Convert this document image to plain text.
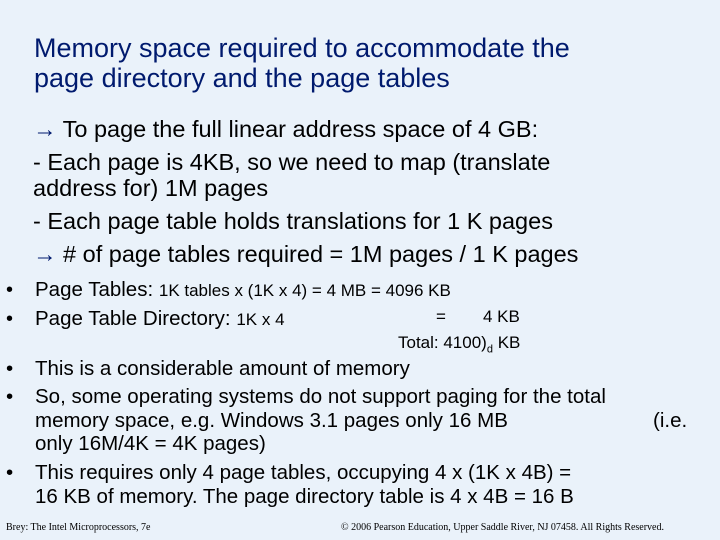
Memory space required to accommodate the
page directory and the page tables
→ To page the full linear address space of 4 GB:
- Each page is 4KB, so we need to map (translate
address for) 1M pages
- Each page table holds translations for 1 K pages
→ # of page tables required = 1M pages / 1 K pages
• Page Tables: 1K tables x (1K x 4) = 4 MB = 4096 KB
• Page Table Directory: 1K x 4	= 4 KB
Total: $4100)_d$ KB
• This is a considerable amount of memory
• So, some operating systems do not support paging for the total
memory space, e.g. Windows 3.1 pages only 16 MB	(i.e.
only 16M/4K = 4K pages)
• This requires only 4 page tables, occupying 4 x (1K x 4B) =
16 KB of memory. The page directory table is 4 x 4B = 16 B
Brey: The Intel Microprocessors, 7e	© 2006 Pearson Education, Upper Saddle River, NJ 07458. All Rights Reserved.
